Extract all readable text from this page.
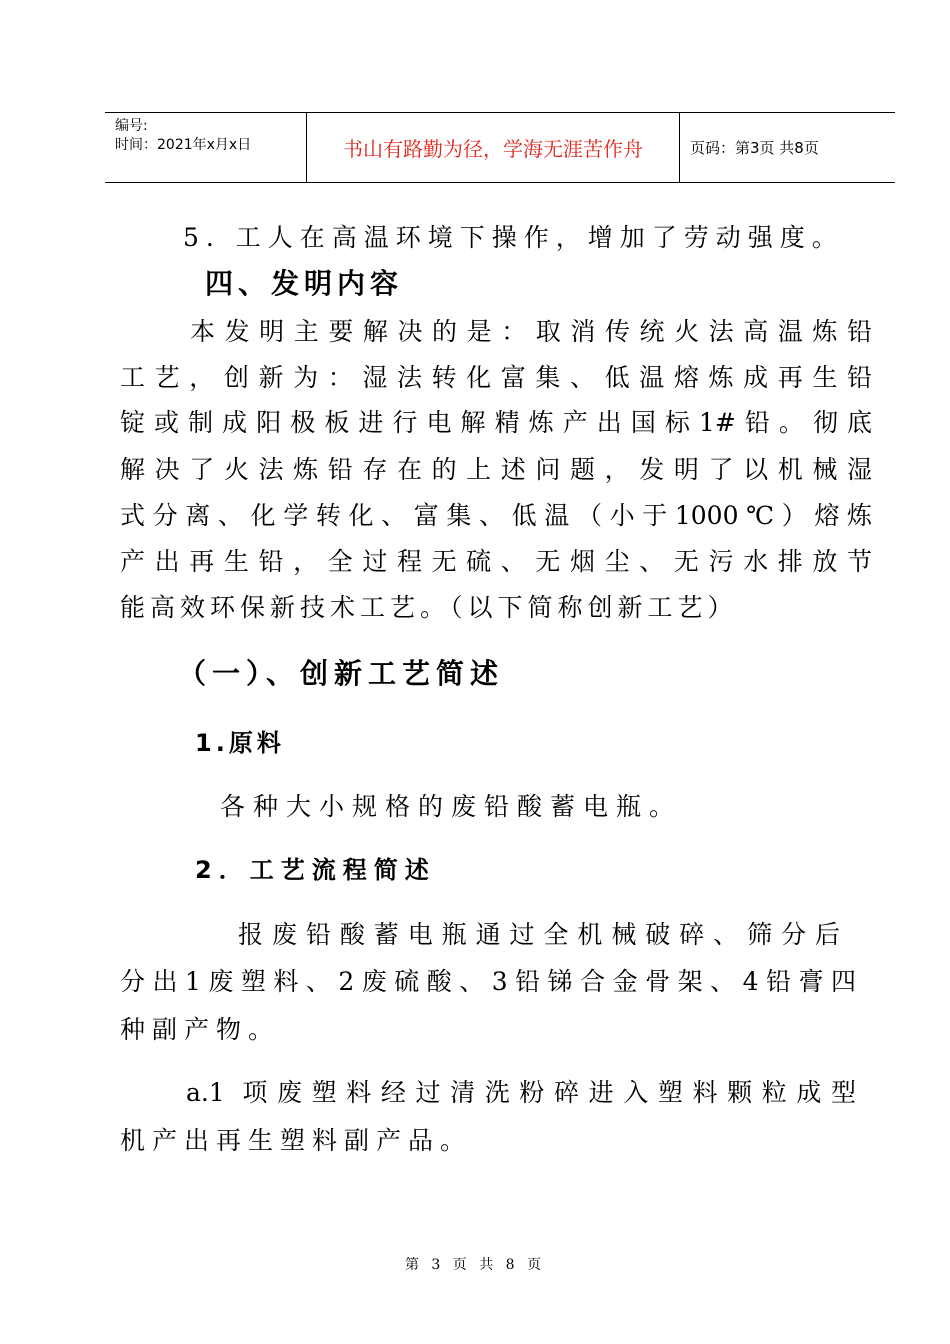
编号:
时间：2021年x月x日	书山有路勤为径，学海无涯苦作舟	页码：第3页 共8页
5. 工人在高温环境下操作，增加了劳动强度。
四、发明内容
本发明主要解决的是：取消传统火法高温炼铅
工艺，创新为：湿法转化富集、低温熔炼成再生铅
锭或制成阳极板进行电解精炼产出国标1#铅。彻底
解决了火法炼铅存在的上述问题，发明了以机械湿
式分离、化学转化、富集、低温（小于1000℃）熔炼
产出再生铅，全过程无硫、无烟尘、无污水排放节
能高效环保新技术工艺。（以下简称创新工艺）
（一）、创新工艺简述
1.原料
各种大小规格的废铅酸蓄电瓶。
2．工艺流程简述
报废铅酸蓄电瓶通过全机械破碎、筛分后
分出1废塑料、2废硫酸、3铅锑合金骨架、4铅膏四
种副产物。
a.1 项废塑料经过清洗粉碎进入塑料颗粒成型
机产出再生塑料副产品。
第 3 页 共 8 页
